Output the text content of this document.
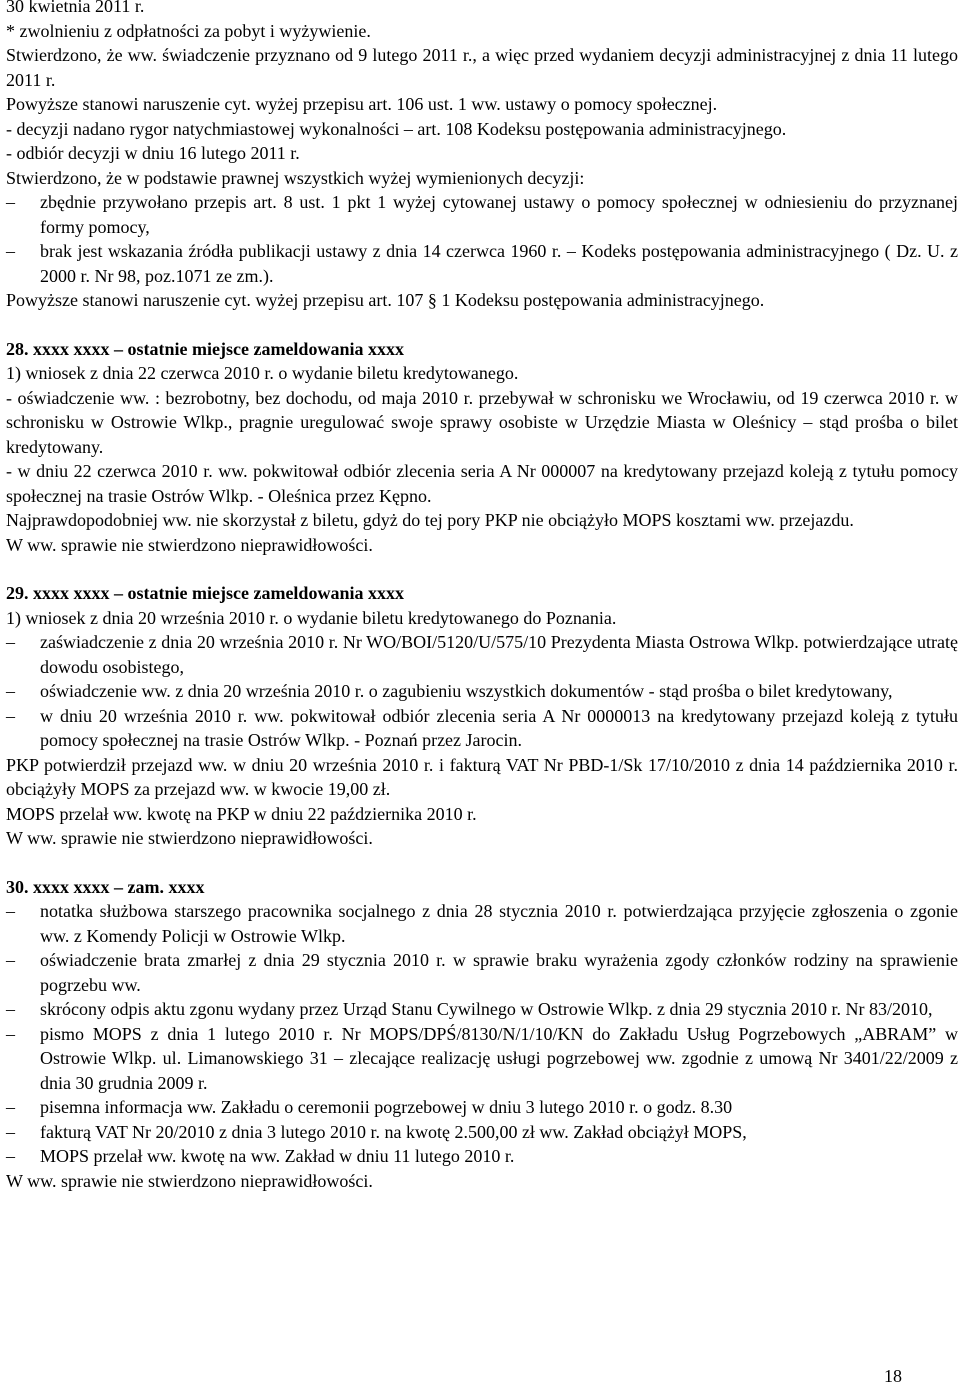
30 kwietnia 2011 r.

* zwolnieniu z odpłatności za pobyt i wyżywienie.

Stwierdzono, że ww. świadczenie przyznano od 9 lutego 2011 r., a więc przed wydaniem decyzji administracyjnej z dnia 11 lutego 2011 r.

Powyższe stanowi naruszenie cyt. wyżej przepisu art. 106 ust. 1 ww. ustawy o pomocy społecznej.

- decyzji nadano rygor natychmiastowej wykonalności – art. 108 Kodeksu postępowania administracyjnego.

- odbiór decyzji w dniu 16 lutego 2011 r.

Stwierdzono, że w podstawie prawnej wszystkich wyżej wymienionych decyzji:

–	zbędnie przywołano przepis art. 8 ust. 1 pkt 1 wyżej cytowanej ustawy o pomocy społecznej w odniesieniu do przyznanej formy pomocy,
–	brak jest wskazania źródła publikacji ustawy z dnia 14 czerwca 1960 r. – Kodeks postępowania administracyjnego ( Dz. U. z 2000 r. Nr 98, poz.1071 ze zm.).

Powyższe stanowi naruszenie cyt. wyżej przepisu art. 107 § 1 Kodeksu postępowania administracyjnego.

28. xxxx xxxx – ostatnie miejsce zameldowania xxxx

1) wniosek z dnia 22 czerwca 2010 r. o wydanie biletu kredytowanego.

- oświadczenie ww. : bezrobotny, bez dochodu, od maja 2010 r. przebywał w schronisku we Wrocławiu, od 19 czerwca 2010 r. w schronisku w Ostrowie Wlkp., pragnie uregulować swoje sprawy osobiste w Urzędzie Miasta w Oleśnicy – stąd prośba o bilet kredytowany.

- w dniu 22 czerwca 2010 r. ww. pokwitował odbiór zlecenia seria A Nr 000007 na kredytowany przejazd koleją z tytułu pomocy społecznej na trasie Ostrów Wlkp. - Oleśnica przez Kępno.

Najprawdopodobniej ww. nie skorzystał z biletu, gdyż do tej pory PKP nie obciążyło MOPS kosztami ww. przejazdu.

W ww. sprawie nie stwierdzono nieprawidłowości.

29. xxxx xxxx – ostatnie miejsce zameldowania xxxx

1) wniosek z dnia 20 września 2010 r. o wydanie biletu kredytowanego do Poznania.

–	zaświadczenie z dnia 20 września 2010 r. Nr WO/BOI/5120/U/575/10 Prezydenta Miasta Ostrowa Wlkp. potwierdzające utratę dowodu osobistego,
–	oświadczenie ww. z dnia 20 września 2010 r. o zagubieniu wszystkich dokumentów - stąd prośba o bilet kredytowany,
–	w dniu 20 września 2010 r. ww. pokwitował odbiór zlecenia seria A Nr 0000013 na kredytowany przejazd koleją z tytułu pomocy społecznej na trasie Ostrów Wlkp. - Poznań przez Jarocin.

PKP potwierdził przejazd ww. w dniu 20 września 2010 r. i fakturą VAT Nr PBD-1/Sk 17/10/2010 z dnia 14 października 2010 r. obciążyły MOPS za przejazd ww. w kwocie 19,00 zł.

MOPS przelał ww. kwotę na PKP w dniu 22 października 2010 r.

W ww. sprawie nie stwierdzono nieprawidłowości.

30. xxxx xxxx – zam. xxxx

–	notatka służbowa starszego pracownika socjalnego z dnia 28 stycznia 2010 r. potwierdzająca przyjęcie zgłoszenia o zgonie ww. z Komendy Policji w Ostrowie Wlkp.
–	oświadczenie brata zmarłej z dnia 29 stycznia 2010 r. w sprawie braku wyrażenia zgody członków rodziny na sprawienie pogrzebu ww.
–	skrócony odpis aktu zgonu wydany przez Urząd Stanu Cywilnego w Ostrowie Wlkp. z dnia 29 stycznia 2010 r. Nr 83/2010,
–	pismo MOPS z dnia 1 lutego 2010 r. Nr MOPS/DPŚ/8130/N/1/10/KN do Zakładu Usług Pogrzebowych „ABRAM” w Ostrowie Wlkp. ul. Limanowskiego 31 – zlecające realizację usługi pogrzebowej ww. zgodnie z umową Nr 3401/22/2009 z dnia 30 grudnia 2009 r.
–	pisemna informacja ww. Zakładu o ceremonii pogrzebowej w dniu 3 lutego 2010 r. o godz. 8.30
–	fakturą VAT Nr 20/2010 z dnia 3 lutego 2010 r. na kwotę 2.500,00 zł ww. Zakład obciążył MOPS,
–	MOPS przelał ww. kwotę na ww. Zakład w dniu 11 lutego 2010 r.

W ww. sprawie nie stwierdzono nieprawidłowości.

18
